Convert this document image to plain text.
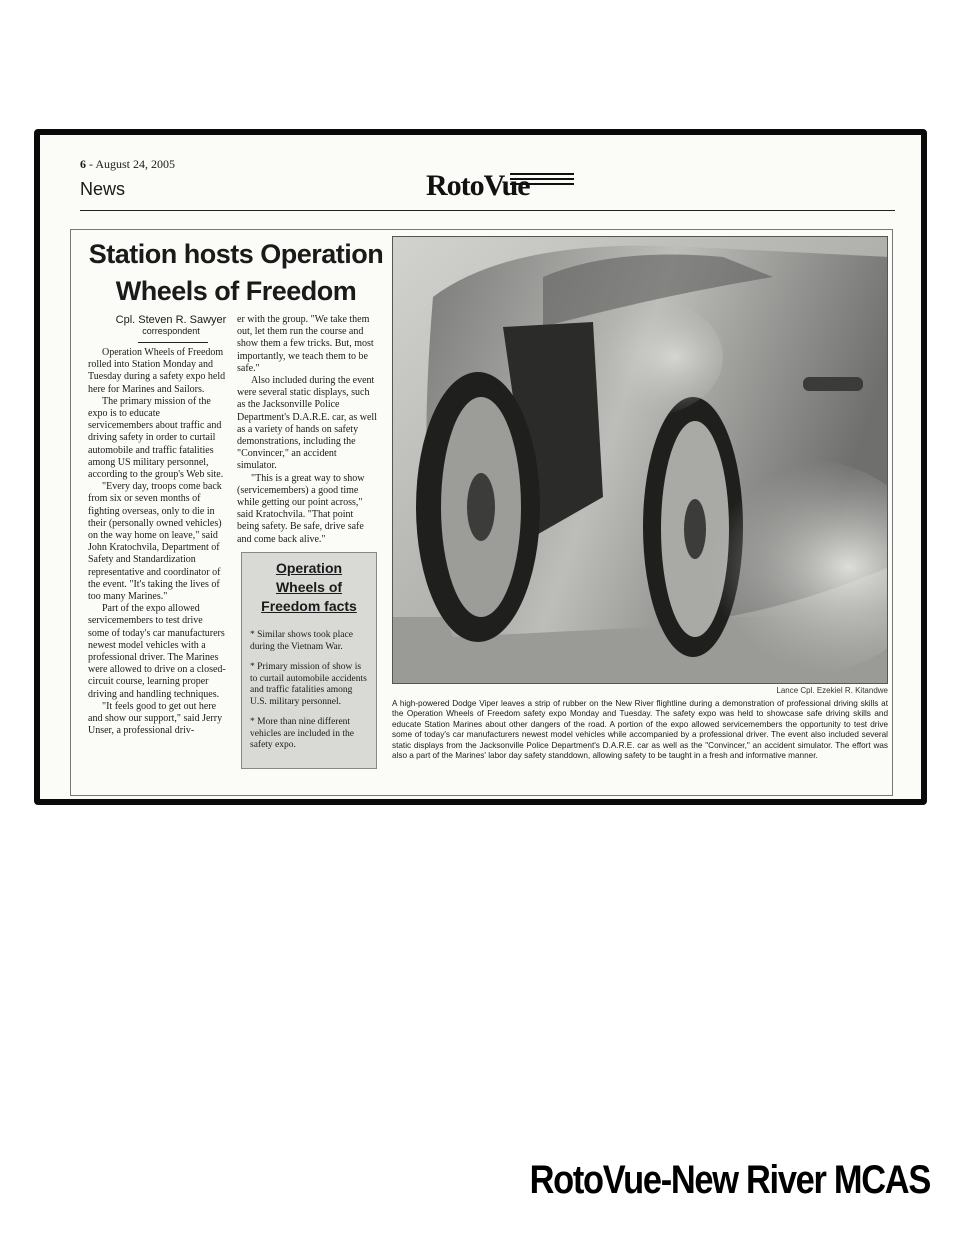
6 - August 24, 2005
News	RotoVue
Station hosts Operation Wheels of Freedom
Cpl. Steven R. Sawyer
correspondent

Operation Wheels of Freedom rolled into Station Monday and Tuesday during a safety expo held here for Marines and Sailors.

The primary mission of the expo is to educate servicemembers about traffic and driving safety in order to curtail automobile and traffic fatalities among US military personnel, according to the group's Web site.

"Every day, troops come back from six or seven months of fighting overseas, only to die in their (personally owned vehicles) on the way home on leave," said John Kratochvila, Department of Safety and Standardization representative and coordinator of the event. "It's taking the lives of too many Marines."

Part of the expo allowed servicemembers to test drive some of today's car manufacturers newest model vehicles with a professional driver. The Marines were allowed to drive on a closed-circuit course, learning proper driving and handling techniques.

"It feels good to get out here and show our support," said Jerry Unser, a professional driv-

er with the group. "We take them out, let them run the course and show them a few tricks. But, most importantly, we teach them to be safe."

Also included during the event were several static displays, such as the Jacksonville Police Department's D.A.R.E. car, as well as a variety of hands on safety demonstrations, including the "Convincer," an accident simulator.

"This is a great way to show (servicemembers) a good time while getting our point across," said Kratochvila. "That point being safety. Be safe, drive safe and come back alive."

Operation Wheels of Freedom facts

* Similar shows took place during the Vietnam War.

* Primary mission of show is to curtail automobile accidents and traffic fatalities among U.S. military personnel.

* More than nine different vehicles are included in the safety expo.

Lance Cpl. Ezekiel R. Kitandwe
A high-powered Dodge Viper leaves a strip of rubber on the New River flightline during a demonstration of professional driving skills at the Operation Wheels of Freedom safety expo Monday and Tuesday. The safety expo was held to showcase safe driving skills and educate Station Marines about other dangers of the road. A portion of the expo allowed servicemembers the opportunity to test drive some of today's car manufacturers newest model vehicles while accompanied by a professional driver. The event also included several static displays from the Jacksonville Police Department's D.A.R.E. car as well as the "Convincer," an accident simulator. The effort was also a part of the Marines' labor day safety standdown, allowing safety to be taught in a fresh and informative manner.
RotoVue-New River MCAS
